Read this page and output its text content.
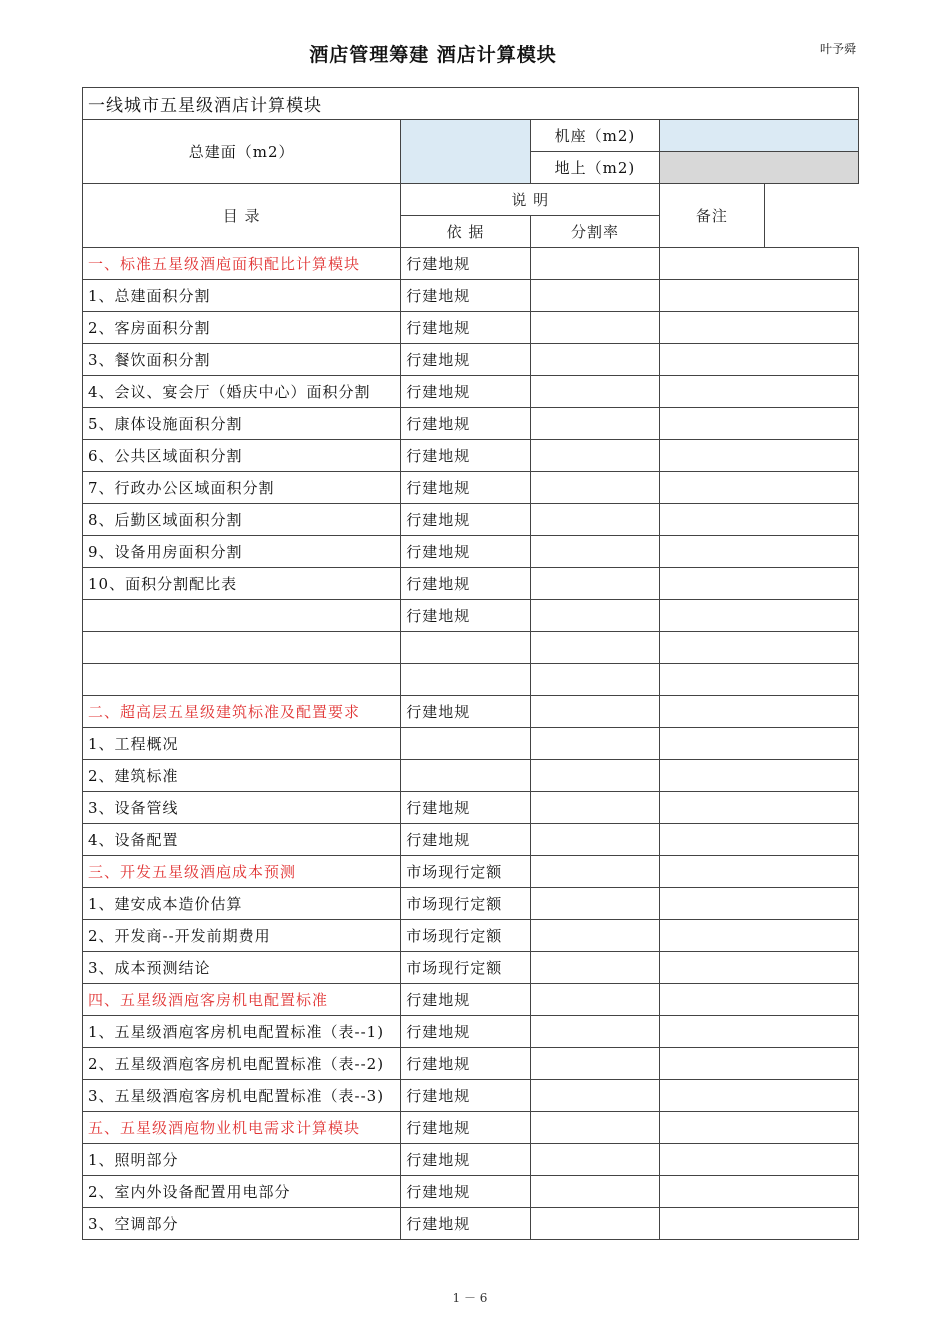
酒店管理筹建 酒店计算模块	叶予舜
一线城市五星级酒店计算模块			
总建面（m2）		机座（m2)	
		地上（m2)	
目 录	说 明		备注
	依 据	分割率	
一、标准五星级酒庖面积配比计算模块	行建地规		
1、总建面积分割	行建地规		
2、客房面积分割	行建地规		
3、餐饮面积分割	行建地规		
4、会议、宴会厅（婚庆中心）面积分割	行建地规		
5、康体设施面积分割	行建地规		
6、公共区域面积分割	行建地规		
7、行政办公区域面积分割	行建地规		
8、后勤区域面积分割	行建地规		
9、设备用房面积分割	行建地规		
10、面积分割配比表	行建地规		
	行建地规		

二、超高层五星级建筑标准及配置要求	行建地规		
1、工程概况			
2、建筑标准			
3、设备管线	行建地规		
4、设备配置	行建地规		
三、开发五星级酒庖成本预测	市场现行定额		
1、建安成本造价估算	市场现行定额		
2、开发商--开发前期费用	市场现行定额		
3、成本预测结论	市场现行定额		
四、五星级酒庖客房机电配置标准	行建地规		
1、五星级酒庖客房机电配置标准（表--1)	行建地规		
2、五星级酒庖客房机电配置标准（表--2)	行建地规		
3、五星级酒庖客房机电配置标准（表--3)	行建地规		
五、五星级酒庖物业机电需求计算模块	行建地规		
1、照明部分	行建地规		
2、室内外设备配置用电部分	行建地规		
3、空调部分	行建地规		
1 － 6
